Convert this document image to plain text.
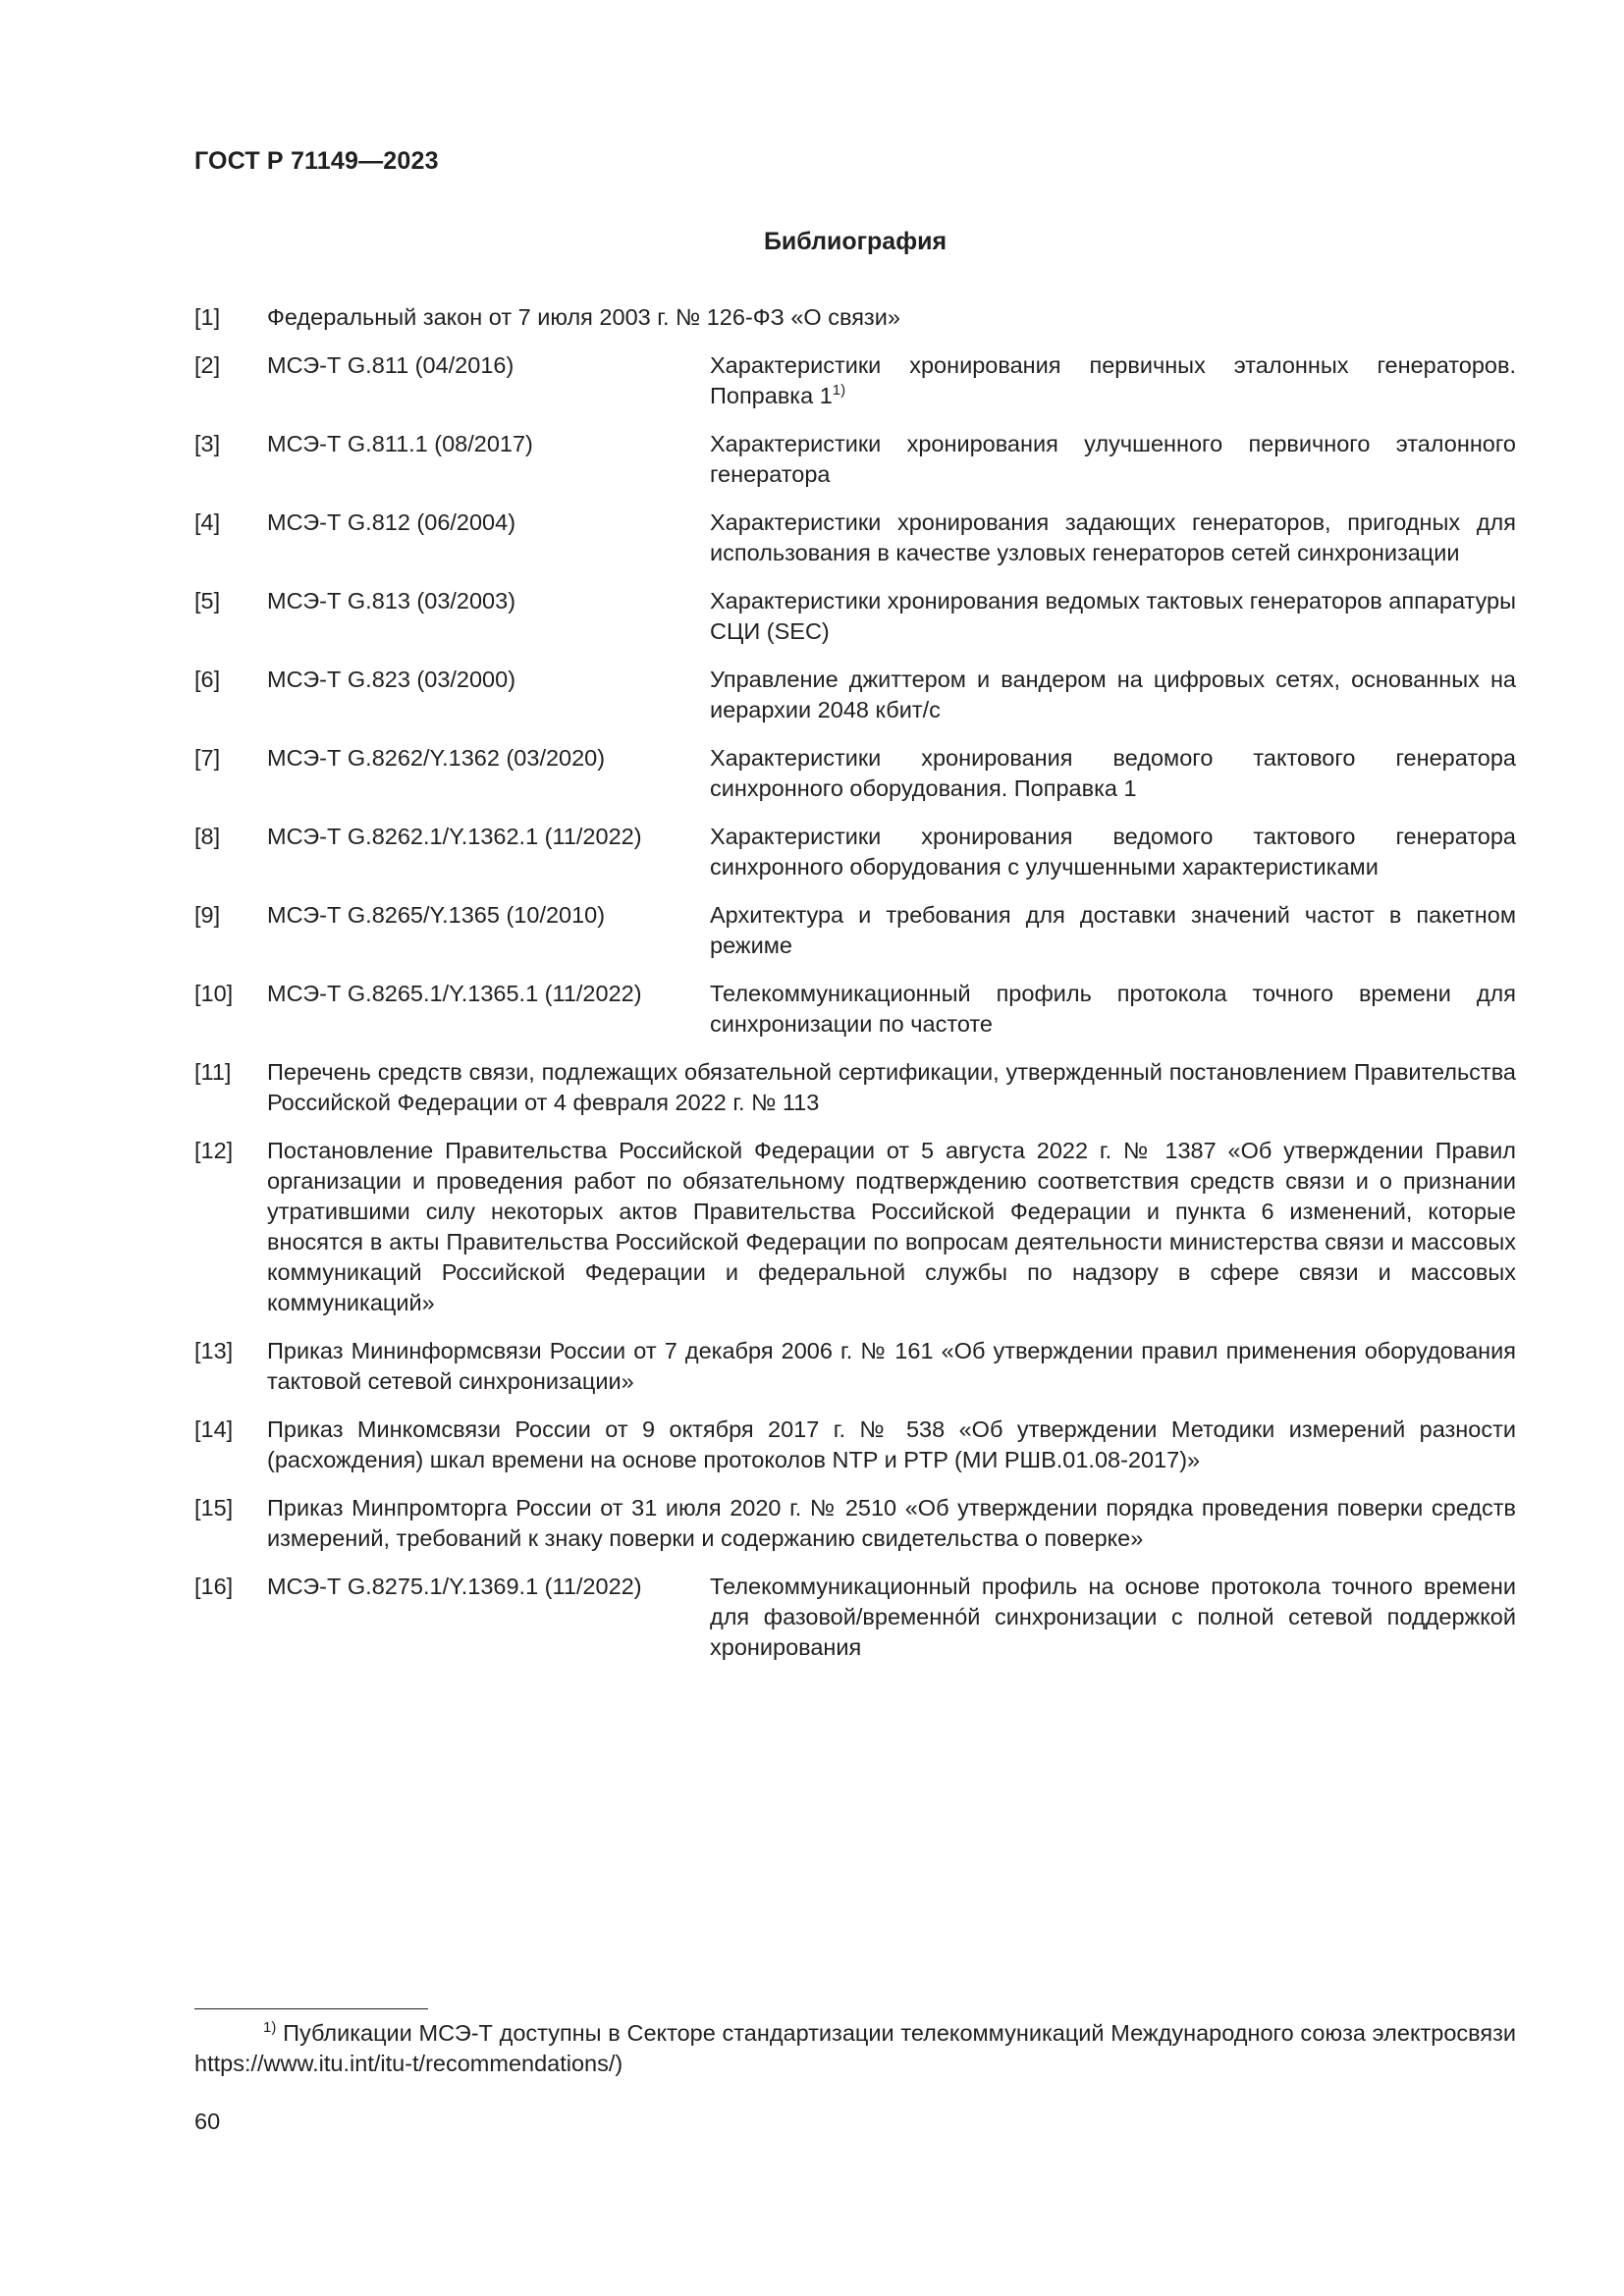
ГОСТ Р 71149—2023
Библиография
[1]	Федеральный закон от 7 июля 2003 г. № 126-ФЗ «О связи»
[2]	МСЭ-Т G.811 (04/2016)	Характеристики хронирования первичных эталонных генераторов. Поправка 1$^{1)}$
[3]	МСЭ-Т G.811.1 (08/2017)	Характеристики хронирования улучшенного первичного эталонного генератора
[4]	МСЭ-Т G.812 (06/2004)	Характеристики хронирования задающих генераторов, пригодных для использования в качестве узловых генераторов сетей синхронизации
[5]	МСЭ-Т G.813 (03/2003)	Характеристики хронирования ведомых тактовых генераторов аппаратуры СЦИ (SEC)
[6]	МСЭ-Т G.823 (03/2000)	Управление джиттером и вандером на цифровых сетях, основанных на иерархии 2048 кбит/с
[7]	МСЭ-Т G.8262/Y.1362 (03/2020)	Характеристики хронирования ведомого тактового генератора синхронного оборудования. Поправка 1
[8]	МСЭ-Т G.8262.1/Y.1362.1 (11/2022)	Характеристики хронирования ведомого тактового генератора синхронного оборудования с улучшенными характеристиками
[9]	МСЭ-Т G.8265/Y.1365 (10/2010)	Архитектура и требования для доставки значений частот в пакетном режиме
[10]	МСЭ-Т G.8265.1/Y.1365.1 (11/2022)	Телекоммуникационный профиль протокола точного времени для синхронизации по частоте
[11]	Перечень средств связи, подлежащих обязательной сертификации, утвержденный постановлением Правительства Российской Федерации от 4 февраля 2022 г. № 113
[12]	Постановление Правительства Российской Федерации от 5 августа 2022 г. № 1387 «Об утверждении Правил организации и проведения работ по обязательному подтверждению соответствия средств связи и о признании утратившими силу некоторых актов Правительства Российской Федерации и пункта 6 изменений, которые вносятся в акты Правительства Российской Федерации по вопросам деятельности министерства связи и массовых коммуникаций Российской Федерации и федеральной службы по надзору в сфере связи и массовых коммуникаций»
[13]	Приказ Мининформсвязи России от 7 декабря 2006 г. № 161 «Об утверждении правил применения оборудования тактовой сетевой синхронизации»
[14]	Приказ Минкомсвязи России от 9 октября 2017 г. № 538 «Об утверждении Методики измерений разности (расхождения) шкал времени на основе протоколов NTP и PTP (МИ РШВ.01.08-2017)»
[15]	Приказ Минпромторга России от 31 июля 2020 г. № 2510 «Об утверждении порядка проведения поверки средств измерений, требований к знаку поверки и содержанию свидетельства о поверке»
[16]	МСЭ-Т G.8275.1/Y.1369.1 (11/2022)	Телекоммуникационный профиль на основе протокола точного времени для фазовой/временнóй синхронизации с полной сетевой поддержкой хронирования
$^{1)}$ Публикации МСЭ-Т доступны в Секторе стандартизации телекоммуникаций Международного союза электросвязи https://www.itu.int/itu-t/recommendations/)
60
